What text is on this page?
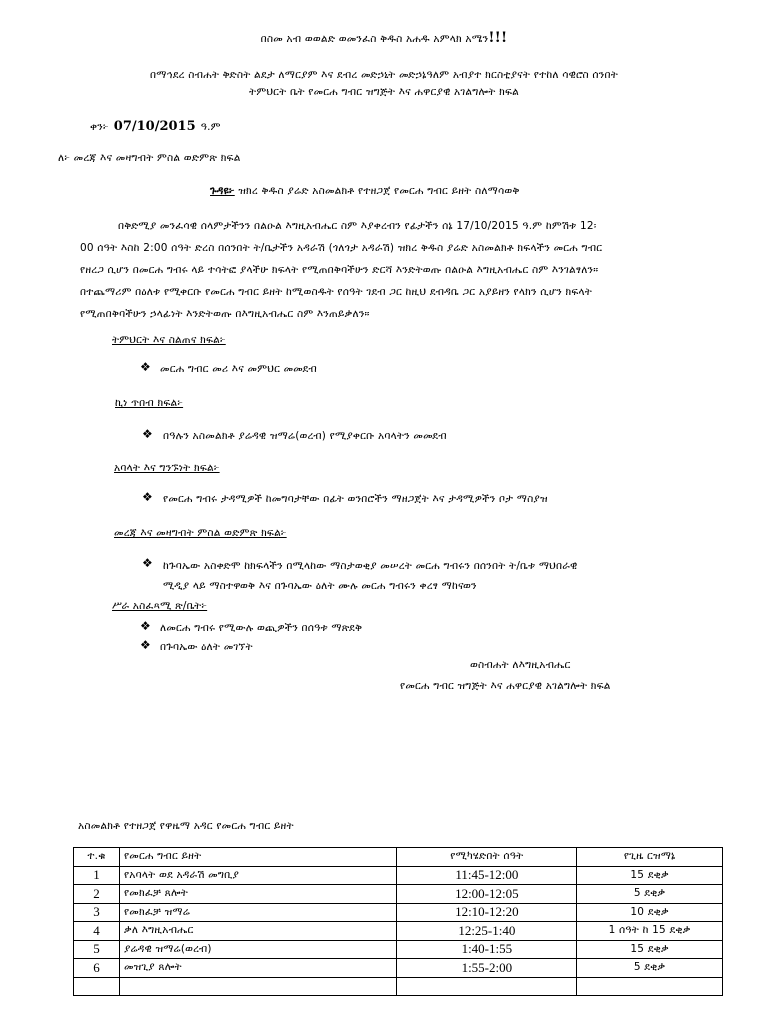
በስመ አብ ወወልድ ወመንፈስ ቅዱስ አሐዱ አምላክ አሜን!!!
በማኅደረ ስብሐት ቅድስት ልደታ ለማርያም እና ደብረ መድኃኒት መድኃኔዓለም አብያተ ክርስቲያናት የተከለ ሳዊሮስ ሰንበት
ትምህርት ቤት የመርሐ ግብር ዝግጅት እና ሐዋርያዊ አገልግሎት ክፍል
ቀን፦ 07/10/2015 ዓ.ም
ለ፦ መረጃ እና መዛግብት ምስል ወድምጽ ክፍል
ጉዳዩ፦ ዝክረ ቅዱስ ያሬድ አስመልክቶ የተዘጋጀ የመርሐ ግብር ይዘት ስለማሳወቅ
በቅድሚያ መንፈሳዊ ሰላምታችንን በልዑል እግዚአብሔር ስም እያቀረብን የፊታችን ሰኔ 17/10/2015 ዓ.ም ከምሽቱ 12፡
00 ሰዓት እስከ 2:00 ሰዓት ድረስ በሰንበት ት/ቤታችን አዳራሽ (ጎለጎታ አዳራሽ) ዝክረ ቅዱስ ያሬድ አስመልክቶ ክፍላችን መርሐ ግብር
የዘረጋ ሲሆን በመርሐ ግብሩ ላይ ተሳትፎ ያላችሁ ክፍላት የሚጠበቅባችሁን ድርሻ እንድትወጡ በልዑል እግዚአብሔር ስም እንገልፃለን።
በተጨማሪም በዕለቱ የሚቀርቡ የመርሐ ግብር ይዘት ከሚወስዱት የሰዓት ገደብ ጋር ከዚህ ደብዳቤ ጋር አያይዘን የላክን ሲሆን ክፍላት
የሚጠበቅባችሁን ኃላፊነት እንድትወጡ በእግዚአብሔር ስም እንጠይቃለን።
ትምህርት እና ስልጠና ክፍል፦
❖ መርሐ ግብር መሪ እና መምህር መመደብ
ኪነ ጥበብ ክፍል፦
❖ በዓሉን አስመልክቶ ያሬዳዊ ዝማሬ(ወረብ) የሚያቀርቡ አባላትን መመደብ
አባላት እና ግንኙነት ክፍል፦
❖ የመርሐ ግብሩ ታዳሚዎች ከመግባታቸው በፊት ወንበሮችን ማዘጋጀት እና ታዳሚዎችን ቦታ ማስያዝ
መረጃ እና መዛግብት ምስል ወድምጽ ክፍል፦
❖ ከጉባኤው አስቀድሞ ከክፍላችን በሚላከው ማስታወቂያ መሠረት መርሐ ግብሩን በሰንበት ት/ቤቱ ማህበራዊ
ሚዲያ ላይ ማስተዋወቅ እና በጉባኤው ዕለት ሙሉ መርሐ ግብሩን ቀረፃ ማከናወን
ሥራ አስፈጻሚ ጽ/ቤት፦
❖ ለመርሐ ግብሩ የሚውሉ ወጪዎችን በሰዓቱ ማጽደቅ
❖ በጉባኤው ዕለት መገኘት
ወስብሐት ለእግዚአብሔር
የመርሐ ግብር ዝግጅት እና ሐዋርያዊ አገልግሎት ክፍል
አስመልክቶ የተዘጋጀ የዋዜማ አዳር የመርሐ ግብር ይዘት
ተ.ቁ	የመርሐ ግብር ይዘት	የሚካሄድበት ሰዓት	የጊዜ ርዝማኔ
1	የአባላት ወደ አዳራሽ መግቢያ	11:45-12:00	15 ደቂቃ
2	የመክፈቻ ጸሎት	12:00-12:05	5 ደቂቃ
3	የመክፈቻ ዝማሬ	12:10-12:20	10 ደቂቃ
4	ቃለ እግዚአብሔር	12:25-1:40	1 ሰዓት ከ 15 ደቂቃ
5	ያሬዳዊ ዝማሬ(ወረብ)	1:40-1:55	15 ደቂቃ
6	መዝጊያ ጸሎት	1:55-2:00	5 ደቂቃ
